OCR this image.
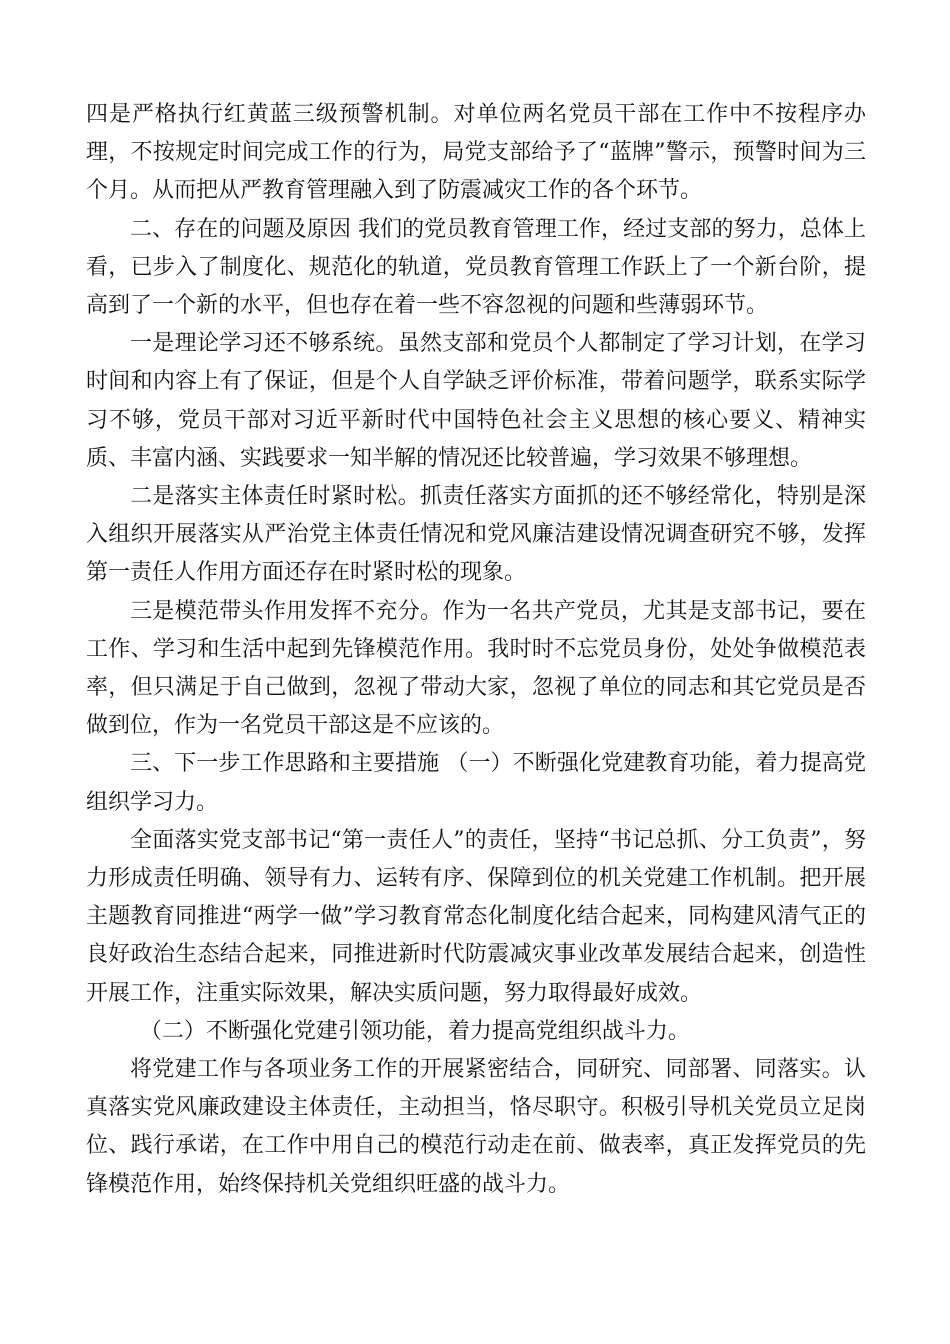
四是严格执行红黄蓝三级预警机制。对单位两名党员干部在工作中不按程序办理，不按规定时间完成工作的行为，局党支部给予了“蓝牌”警示，预警时间为三个月。从而把从严教育管理融入到了防震减灾工作的各个环节。

二、存在的问题及原因 我们的党员教育管理工作，经过支部的努力，总体上看，已步入了制度化、规范化的轨道，党员教育管理工作跃上了一个新台阶，提高到了一个新的水平，但也存在着一些不容忽视的问题和些薄弱环节。

一是理论学习还不够系统。虽然支部和党员个人都制定了学习计划，在学习时间和内容上有了保证，但是个人自学缺乏评价标准，带着问题学，联系实际学习不够，党员干部对习近平新时代中国特色社会主义思想的核心要义、精神实质、丰富内涵、实践要求一知半解的情况还比较普遍，学习效果不够理想。

二是落实主体责任时紧时松。抓责任落实方面抓的还不够经常化，特别是深入组织开展落实从严治党主体责任情况和党风廉洁建设情况调查研究不够，发挥第一责任人作用方面还存在时紧时松的现象。

三是模范带头作用发挥不充分。作为一名共产党员，尤其是支部书记，要在工作、学习和生活中起到先锋模范作用。我时时不忘党员身份，处处争做模范表率，但只满足于自己做到，忽视了带动大家，忽视了单位的同志和其它党员是否做到位，作为一名党员干部这是不应该的。

三、下一步工作思路和主要措施 （一）不断强化党建教育功能，着力提高党组织学习力。

全面落实党支部书记“第一责任人”的责任，坚持“书记总抓、分工负责”，努力形成责任明确、领导有力、运转有序、保障到位的机关党建工作机制。把开展主题教育同推进“两学一做”学习教育常态化制度化结合起来，同构建风清气正的良好政治生态结合起来，同推进新时代防震减灾事业改革发展结合起来，创造性开展工作，注重实际效果，解决实质问题，努力取得最好成效。

（二）不断强化党建引领功能，着力提高党组织战斗力。

将党建工作与各项业务工作的开展紧密结合，同研究、同部署、同落实。认真落实党风廉政建设主体责任，主动担当，恪尽职守。积极引导机关党员立足岗位、践行承诺，在工作中用自己的模范行动走在前、做表率，真正发挥党员的先锋模范作用，始终保持机关党组织旺盛的战斗力。
